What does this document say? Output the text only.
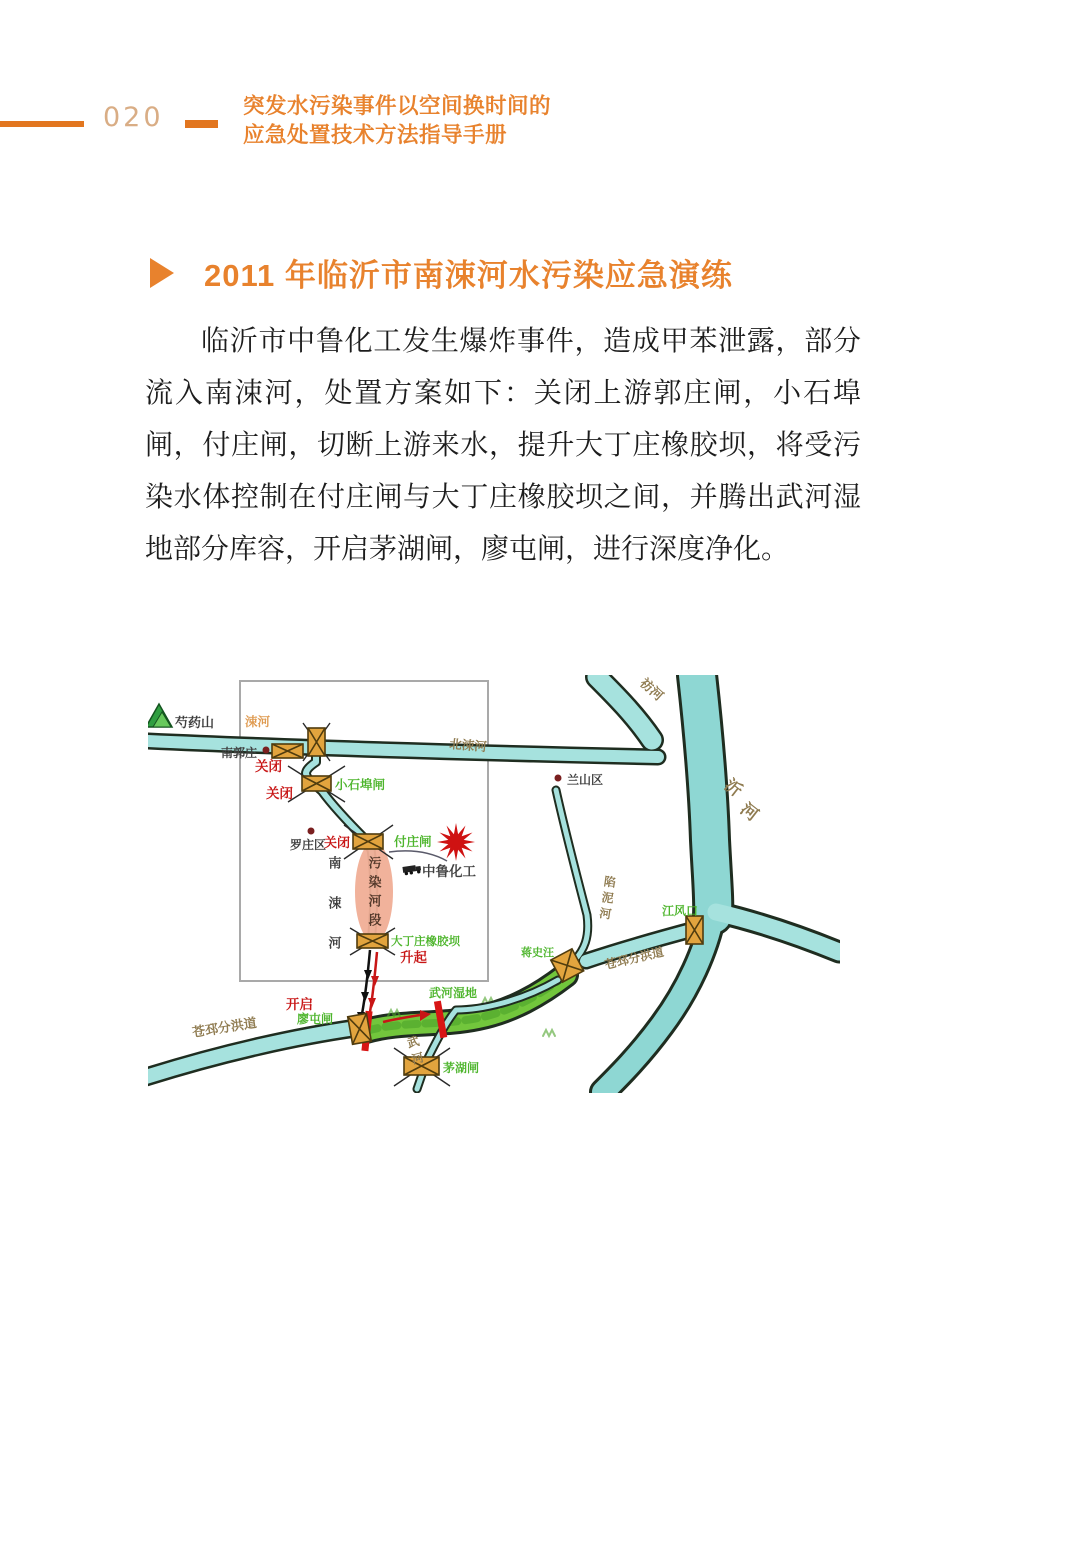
020	突发水污染事件以空间换时间的
应急处置技术方法指导手册
2011 年临沂市南涑河水污染应急演练

临沂市中鲁化工发生爆炸事件，造成甲苯泄露，部分流入南涑河，处置方案如下：关闭上游郭庄闸，小石埠闸，付庄闸，切断上游来水，提升大丁庄橡胶坝，将受污染水体控制在付庄闸与大丁庄橡胶坝之间，并腾出武河湿地部分库容，开启茅湖闸，廖屯闸，进行深度净化。

芍药山 涑河
北涑河
南郭庄
关闭
关闭
小石埠闸
罗庄区
关闭	付庄闸
南涑河 污染河段	中鲁化工
大丁庄橡胶坝
升起
开启
廖屯闸
苍邳分洪道
武河湿地
蒋史汪	苍邳分洪道
江风口
陷泥河
兰山区
祊河
沂
河
武河 茅湖闸
